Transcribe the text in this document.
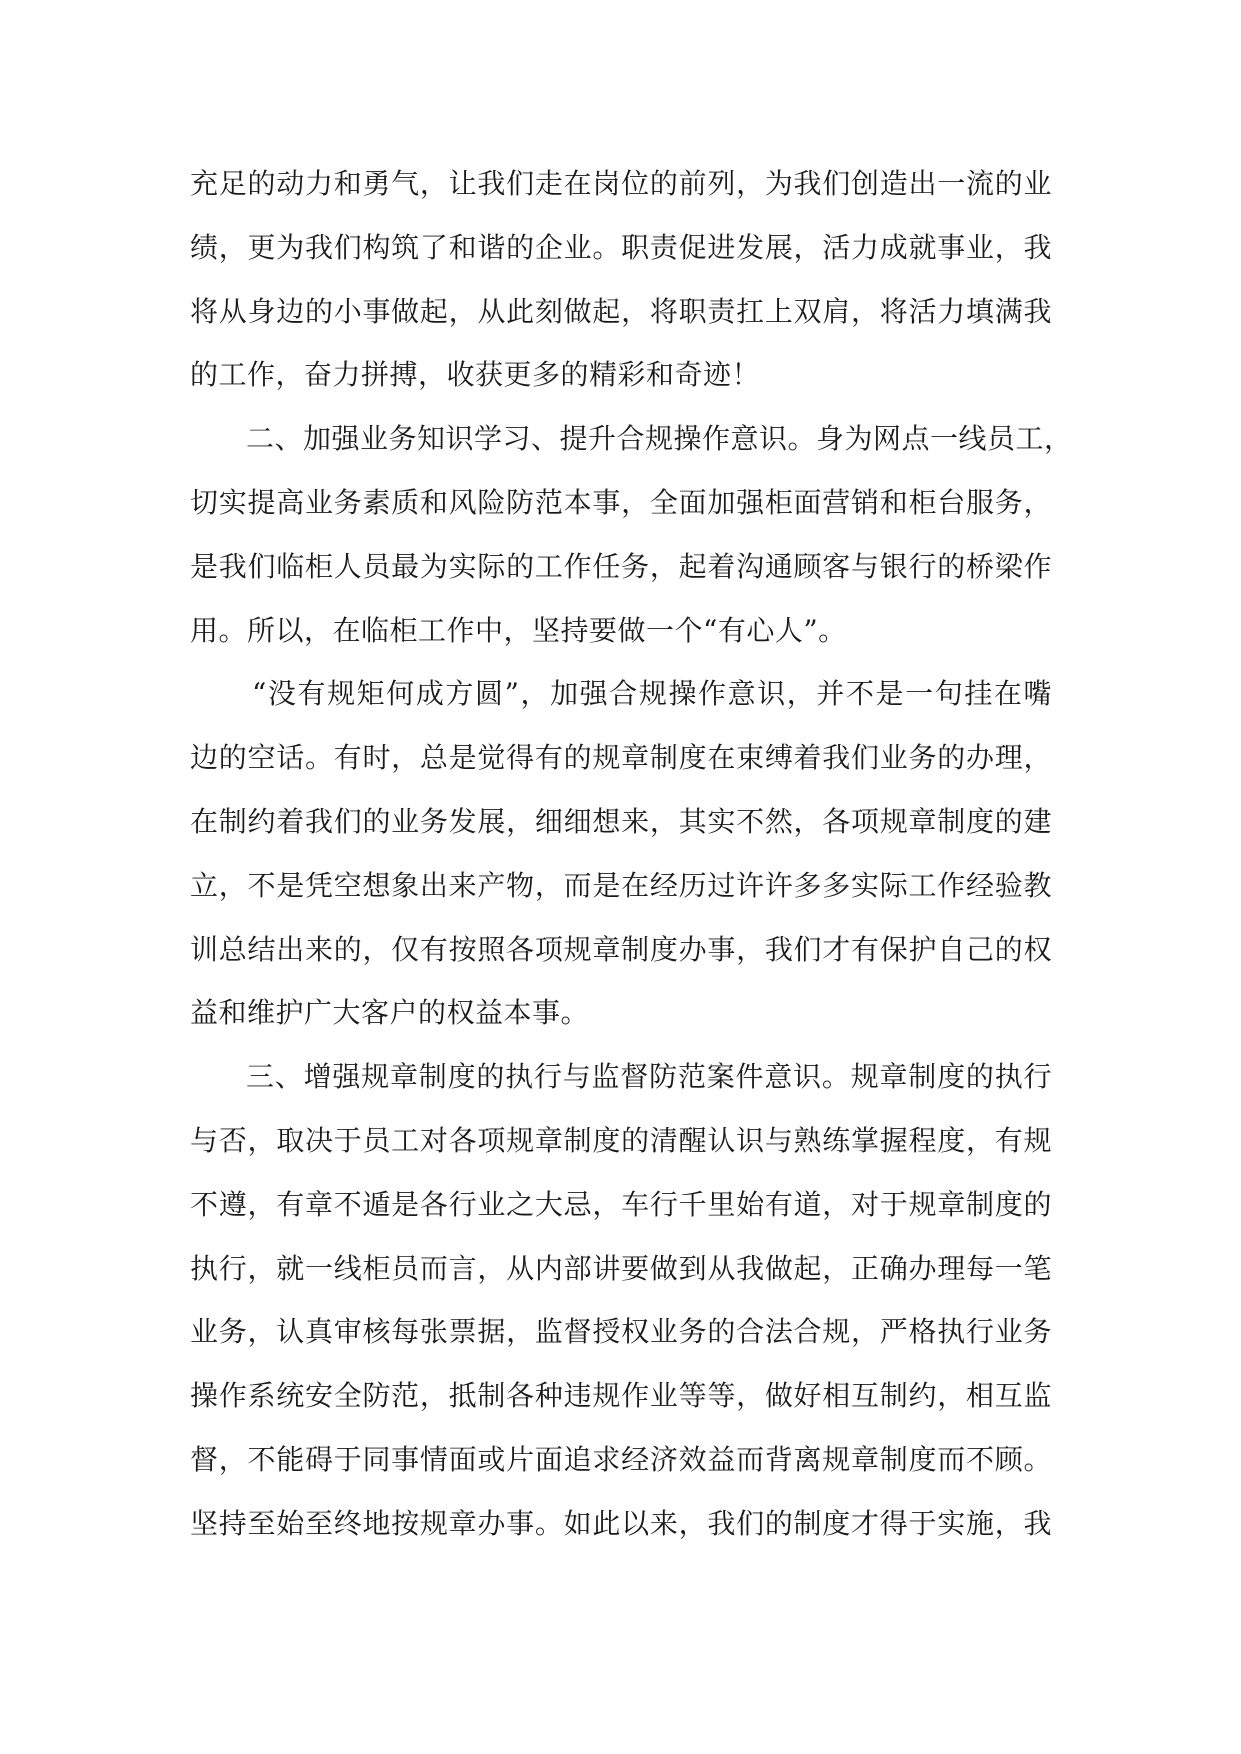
充足的动力和勇气，让我们走在岗位的前列，为我们创造出一流的业
绩，更为我们构筑了和谐的企业。职责促进发展，活力成就事业，我
将从身边的小事做起，从此刻做起，将职责扛上双肩，将活力填满我
的工作，奋力拼搏，收获更多的精彩和奇迹！
二、加强业务知识学习、提升合规操作意识。身为网点一线员工，
切实提高业务素质和风险防范本事，全面加强柜面营销和柜台服务，
是我们临柜人员最为实际的工作任务，起着沟通顾客与银行的桥梁作
用。所以，在临柜工作中，坚持要做一个“有心人”。
“没有规矩何成方圆”，加强合规操作意识，并不是一句挂在嘴
边的空话。有时，总是觉得有的规章制度在束缚着我们业务的办理，
在制约着我们的业务发展，细细想来，其实不然，各项规章制度的建
立，不是凭空想象出来产物，而是在经历过许许多多实际工作经验教
训总结出来的，仅有按照各项规章制度办事，我们才有保护自己的权
益和维护广大客户的权益本事。
三、增强规章制度的执行与监督防范案件意识。规章制度的执行
与否，取决于员工对各项规章制度的清醒认识与熟练掌握程度，有规
不遵，有章不遁是各行业之大忌，车行千里始有道，对于规章制度的
执行，就一线柜员而言，从内部讲要做到从我做起，正确办理每一笔
业务，认真审核每张票据，监督授权业务的合法合规，严格执行业务
操作系统安全防范，抵制各种违规作业等等，做好相互制约，相互监
督，不能碍于同事情面或片面追求经济效益而背离规章制度而不顾。
坚持至始至终地按规章办事。如此以来，我们的制度才得于实施，我
